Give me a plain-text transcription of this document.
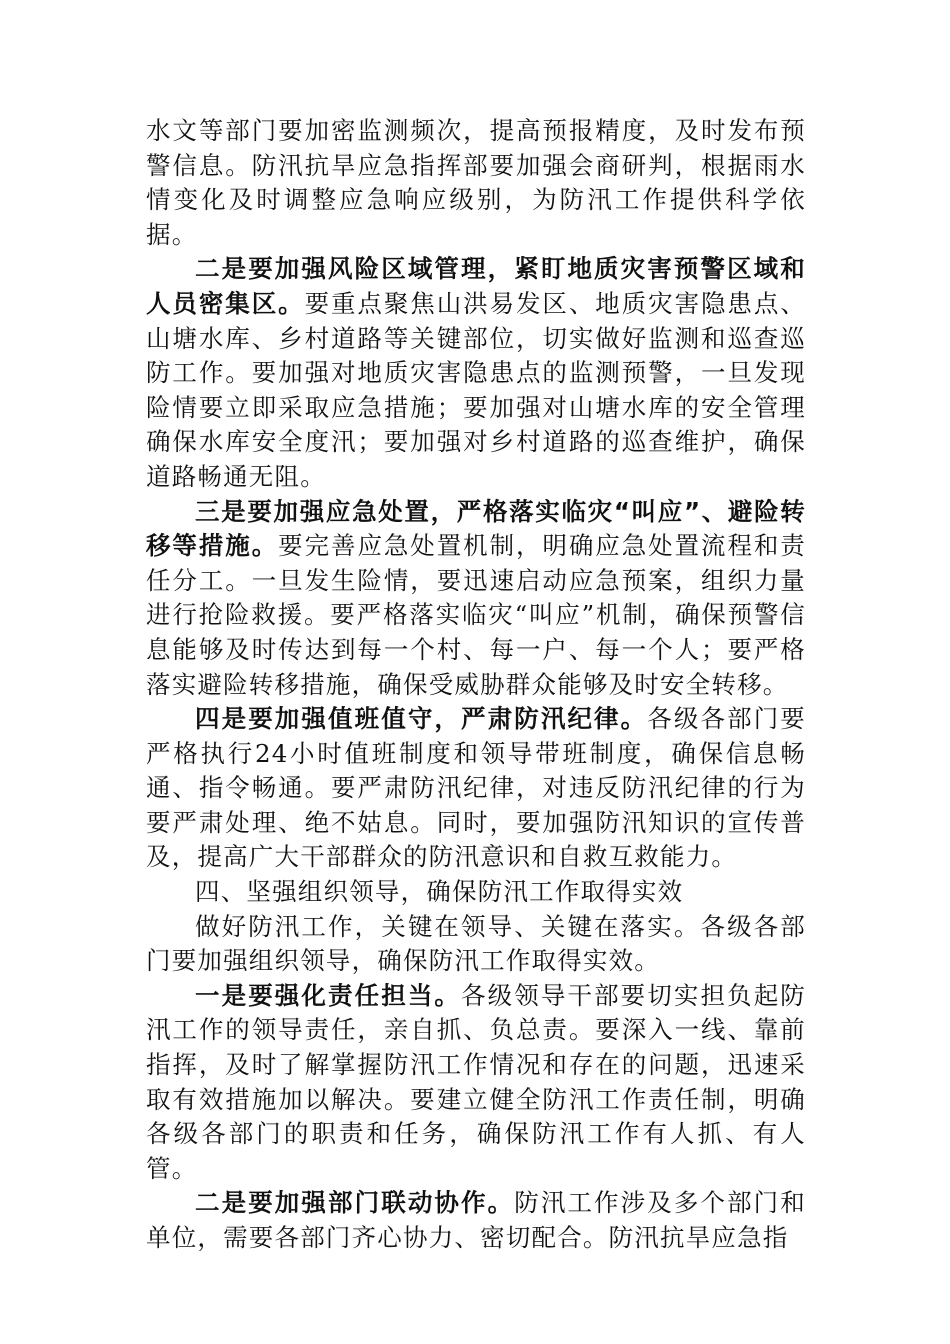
水文等部门要加密监测频次，提高预报精度，及时发布预警信息。防汛抗旱应急指挥部要加强会商研判，根据雨水情变化及时调整应急响应级别，为防汛工作提供科学依据。

二是要加强风险区域管理，紧盯地质灾害预警区域和人员密集区。要重点聚焦山洪易发区、地质灾害隐患点、山塘水库、乡村道路等关键部位，切实做好监测和巡查巡防工作。要加强对地质灾害隐患点的监测预警，一旦发现险情要立即采取应急措施；要加强对山塘水库的安全管理确保水库安全度汛；要加强对乡村道路的巡查维护，确保道路畅通无阻。

三是要加强应急处置，严格落实临灾“叫应”、避险转移等措施。要完善应急处置机制，明确应急处置流程和责任分工。一旦发生险情，要迅速启动应急预案，组织力量进行抢险救援。要严格落实临灾“叫应”机制，确保预警信息能够及时传达到每一个村、每一户、每一个人；要严格落实避险转移措施，确保受威胁群众能够及时安全转移。

四是要加强值班值守，严肃防汛纪律。各级各部门要严格执行24小时值班制度和领导带班制度，确保信息畅通、指令畅通。要严肃防汛纪律，对违反防汛纪律的行为要严肃处理、绝不姑息。同时，要加强防汛知识的宣传普及，提高广大干部群众的防汛意识和自救互救能力。

四、坚强组织领导，确保防汛工作取得实效

做好防汛工作，关键在领导、关键在落实。各级各部门要加强组织领导，确保防汛工作取得实效。

一是要强化责任担当。各级领导干部要切实担负起防汛工作的领导责任，亲自抓、负总责。要深入一线、靠前指挥，及时了解掌握防汛工作情况和存在的问题，迅速采取有效措施加以解决。要建立健全防汛工作责任制，明确各级各部门的职责和任务，确保防汛工作有人抓、有人管。

二是要加强部门联动协作。防汛工作涉及多个部门和单位，需要各部门齐心协力、密切配合。防汛抗旱应急指
